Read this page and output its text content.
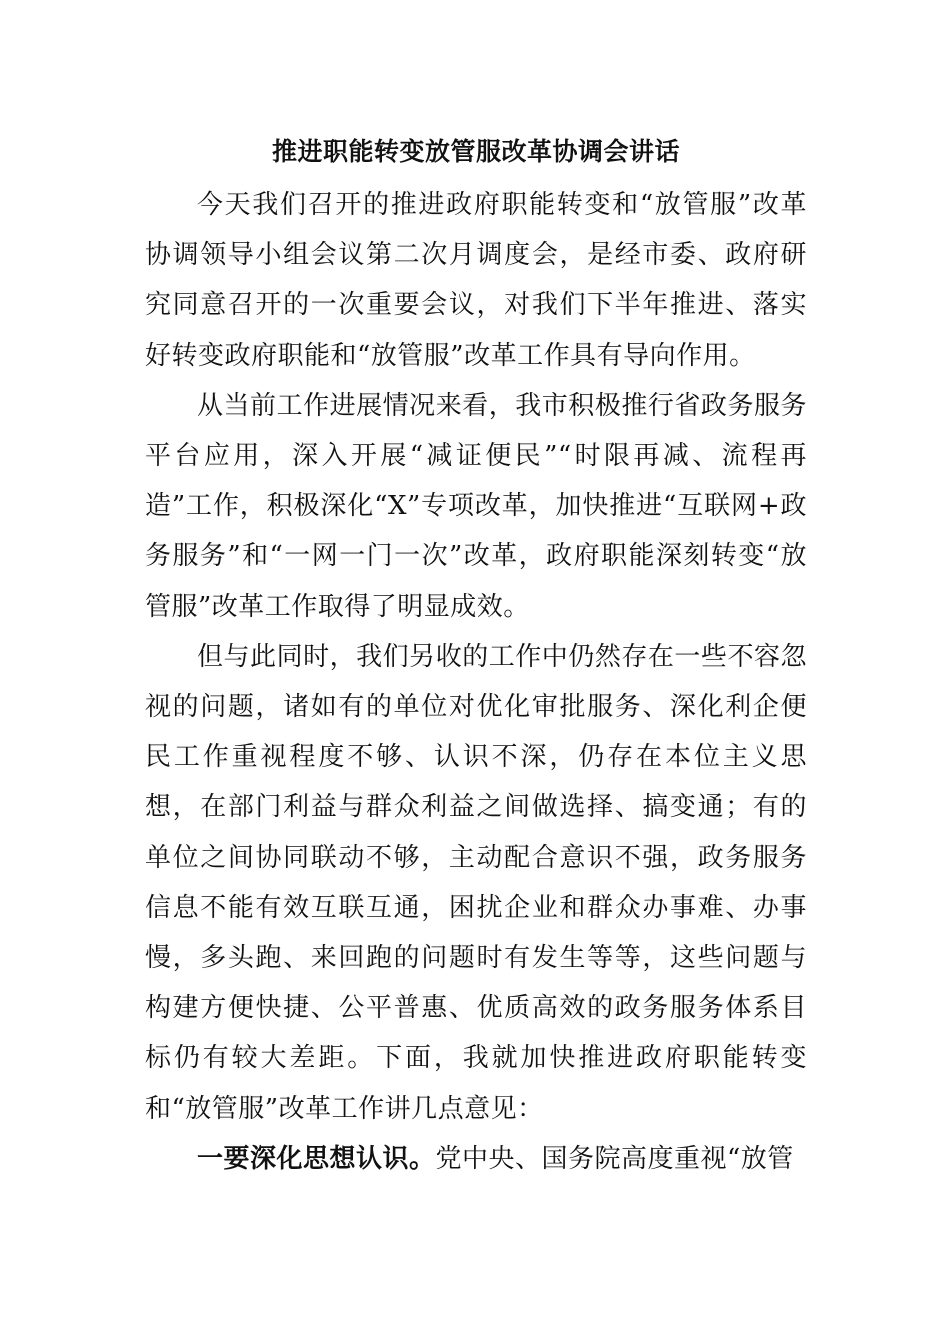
推进职能转变放管服改革协调会讲话

今天我们召开的推进政府职能转变和“放管服”改革协调领导小组会议第二次月调度会，是经市委、政府研究同意召开的一次重要会议，对我们下半年推进、落实好转变政府职能和“放管服”改革工作具有导向作用。

从当前工作进展情况来看，我市积极推行省政务服务平台应用，深入开展“减证便民”“时限再减、流程再造”工作，积极深化“X”专项改革，加快推进“互联网+政务服务”和“一网一门一次”改革，政府职能深刻转变“放管服”改革工作取得了明显成效。

但与此同时，我们另收的工作中仍然存在一些不容忽视的问题，诸如有的单位对优化审批服务、深化利企便民工作重视程度不够、认识不深，仍存在本位主义思想，在部门利益与群众利益之间做选择、搞变通；有的单位之间协同联动不够，主动配合意识不强，政务服务信息不能有效互联互通，困扰企业和群众办事难、办事慢，多头跑、来回跑的问题时有发生等等，这些问题与构建方便快捷、公平普惠、优质高效的政务服务体系目标仍有较大差距。下面，我就加快推进政府职能转变和“放管服”改革工作讲几点意见：

一要深化思想认识。党中央、国务院高度重视“放管
